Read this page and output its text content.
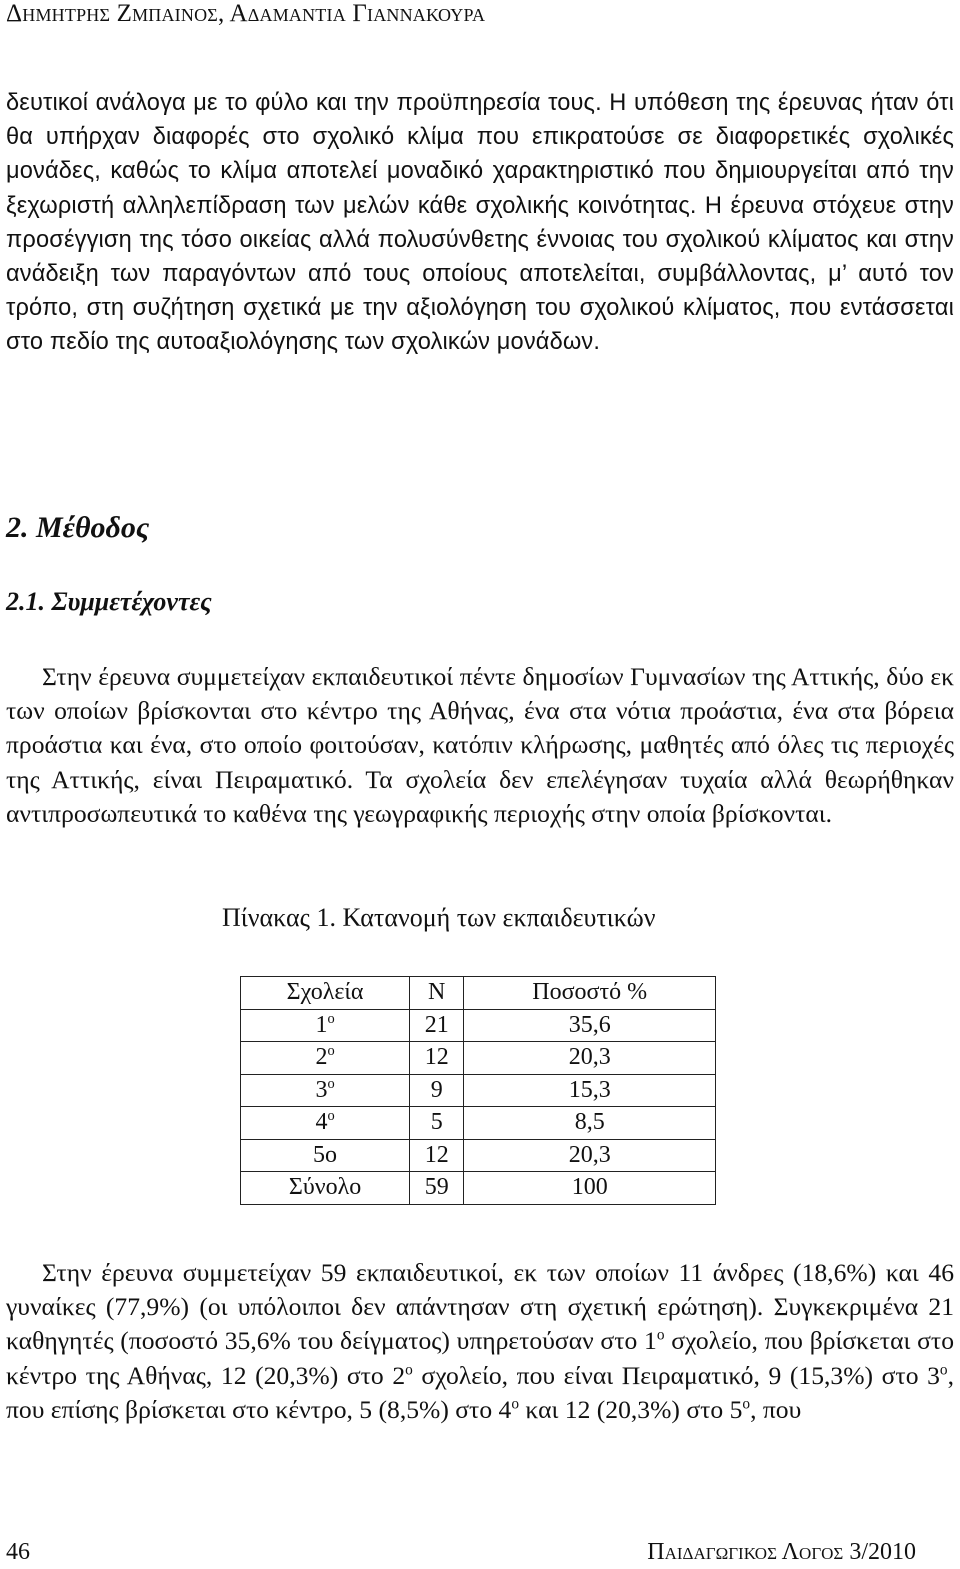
Δημητρης Ζμπαινος, Αδαμαντια Γιαννακουρα

δευτικοί ανάλογα με το φύλο και την προϋπηρεσία τους. Η υπόθεση της έρευνας ήταν ότι θα υπήρχαν διαφορές στο σχολικό κλίμα που επικρατούσε σε διαφορετικές σχολικές μονάδες, καθώς το κλίμα αποτελεί μοναδικό χαρακτηριστικό που δημιουργείται από την ξεχωριστή αλληλεπίδραση των μελών κάθε σχολικής κοινότητας. Η έρευνα στόχευε στην προσέγγιση της τόσο οικείας αλλά πολυσύνθετης έννοιας του σχολικού κλίματος και στην ανάδειξη των παραγόντων από τους οποίους αποτελείται, συμβάλλοντας, μ’ αυτό τον τρόπο, στη συζήτηση σχετικά με την αξιολόγηση του σχολικού κλίματος, που εντάσσεται στο πεδίο της αυτοαξιολόγησης των σχολικών μονάδων.

2. Μέθοδος
2.1. Συμμετέχοντες

Στην έρευνα συμμετείχαν εκπαιδευτικοί πέντε δημοσίων Γυμνασίων της Αττικής, δύο εκ των οποίων βρίσκονται στο κέντρο της Αθήνας, ένα στα νότια προάστια, ένα στα βόρεια προάστια και ένα, στο οποίο φοιτούσαν, κατόπιν κλήρωσης, μαθητές από όλες τις περιοχές της Αττικής, είναι Πειραματικό. Τα σχολεία δεν επελέγησαν τυχαία αλλά θεωρήθηκαν αντιπροσωπευτικά το καθένα της γεωγραφικής περιοχής στην οποία βρίσκονται.

Πίνακας 1. Κατανομή των εκπαιδευτικών

Σχολεία	Ν	Ποσοστό %
$1^o$	21	35,6
$2^o$	12	20,3
$3^o$	9	15,3
$4^o$	5	8,5
5ο	12	20,3
Σύνολο	59	100

Στην έρευνα συμμετείχαν 59 εκπαιδευτικοί, εκ των οποίων 11 άνδρες (18,6%) και 46 γυναίκες (77,9%) (οι υπόλοιποι δεν απάντησαν στη σχετική ερώτηση). Συγκεκριμένα 21 καθηγητές (ποσοστό 35,6% του δείγματος) υπηρετούσαν στο $1^o$ σχολείο, που βρίσκεται στο κέντρο της Αθήνας, 12 (20,3%) στο $2^o$ σχολείο, που είναι Πειραματικό, 9 (15,3%) στο $3^o$, που επίσης βρίσκεται στο κέντρο, 5 (8,5%) στο $4^o$ και 12 (20,3%) στο $5^o$, που

46	Παιδαγωγικος Λογος 3/2010
